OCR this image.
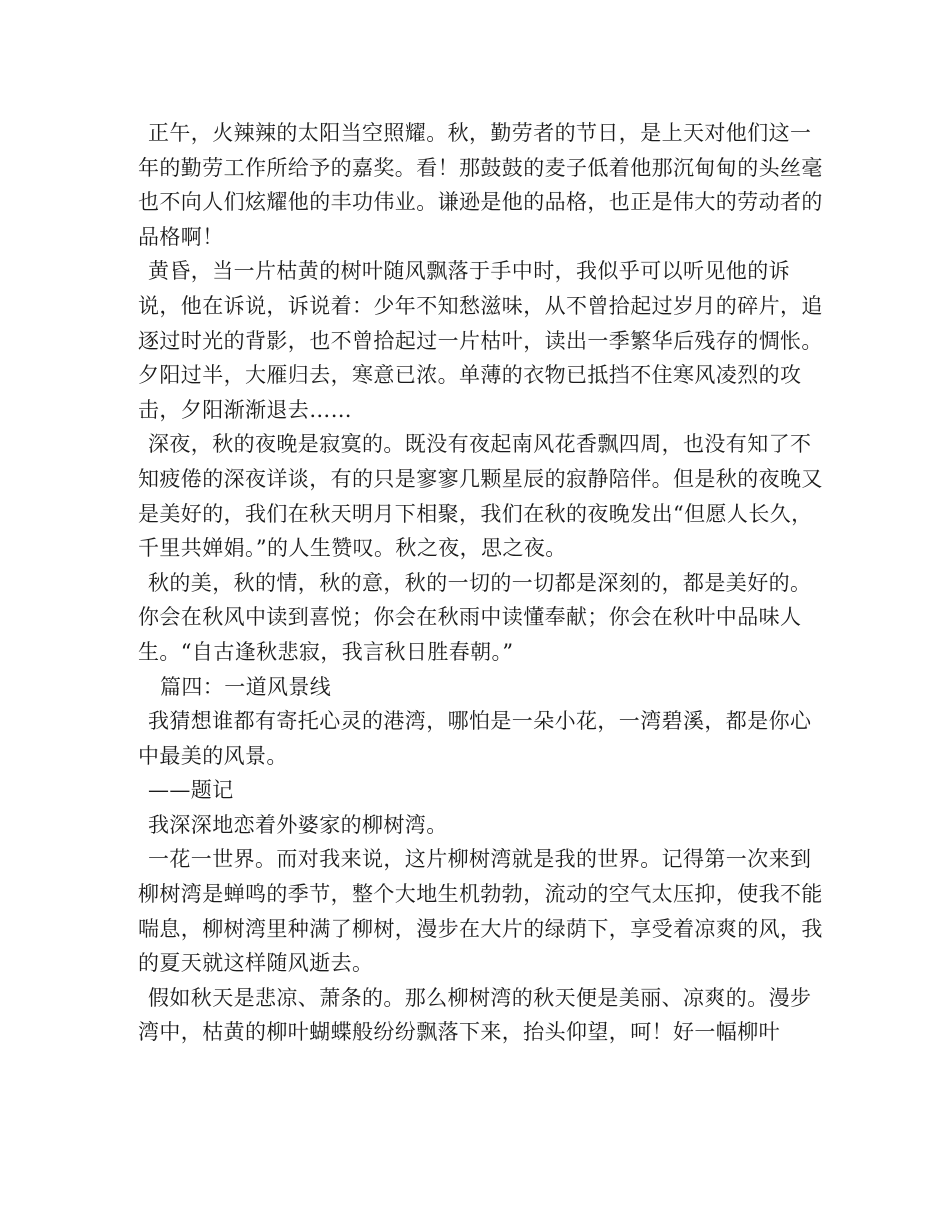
正午，火辣辣的太阳当空照耀。秋，勤劳者的节日，是上天对他们这一年的勤劳工作所给予的嘉奖。看！那鼓鼓的麦子低着他那沉甸甸的头丝毫也不向人们炫耀他的丰功伟业。谦逊是他的品格，也正是伟大的劳动者的品格啊！

黄昏，当一片枯黄的树叶随风飘落于手中时，我似乎可以听见他的诉说，他在诉说，诉说着：少年不知愁滋味，从不曾拾起过岁月的碎片，追逐过时光的背影，也不曾拾起过一片枯叶，读出一季繁华后残存的惆怅。夕阳过半，大雁归去，寒意已浓。单薄的衣物已抵挡不住寒风凌烈的攻击，夕阳渐渐退去……

深夜，秋的夜晚是寂寞的。既没有夜起南风花香飘四周，也没有知了不知疲倦的深夜详谈，有的只是寥寥几颗星辰的寂静陪伴。但是秋的夜晚又是美好的，我们在秋天明月下相聚，我们在秋的夜晚发出“但愿人长久，千里共婵娟。”的人生赞叹。秋之夜，思之夜。

秋的美，秋的情，秋的意，秋的一切的一切都是深刻的，都是美好的。你会在秋风中读到喜悦；你会在秋雨中读懂奉献；你会在秋叶中品味人生。“自古逢秋悲寂，我言秋日胜春朝。”

篇四：一道风景线

我猜想谁都有寄托心灵的港湾，哪怕是一朵小花，一湾碧溪，都是你心中最美的风景。

——题记

我深深地恋着外婆家的柳树湾。

一花一世界。而对我来说，这片柳树湾就是我的世界。记得第一次来到柳树湾是蝉鸣的季节，整个大地生机勃勃，流动的空气太压抑，使我不能喘息，柳树湾里种满了柳树，漫步在大片的绿荫下，享受着凉爽的风，我的夏天就这样随风逝去。

假如秋天是悲凉、萧条的。那么柳树湾的秋天便是美丽、凉爽的。漫步湾中，枯黄的柳叶蝴蝶般纷纷飘落下来，抬头仰望，呵！好一幅柳叶
